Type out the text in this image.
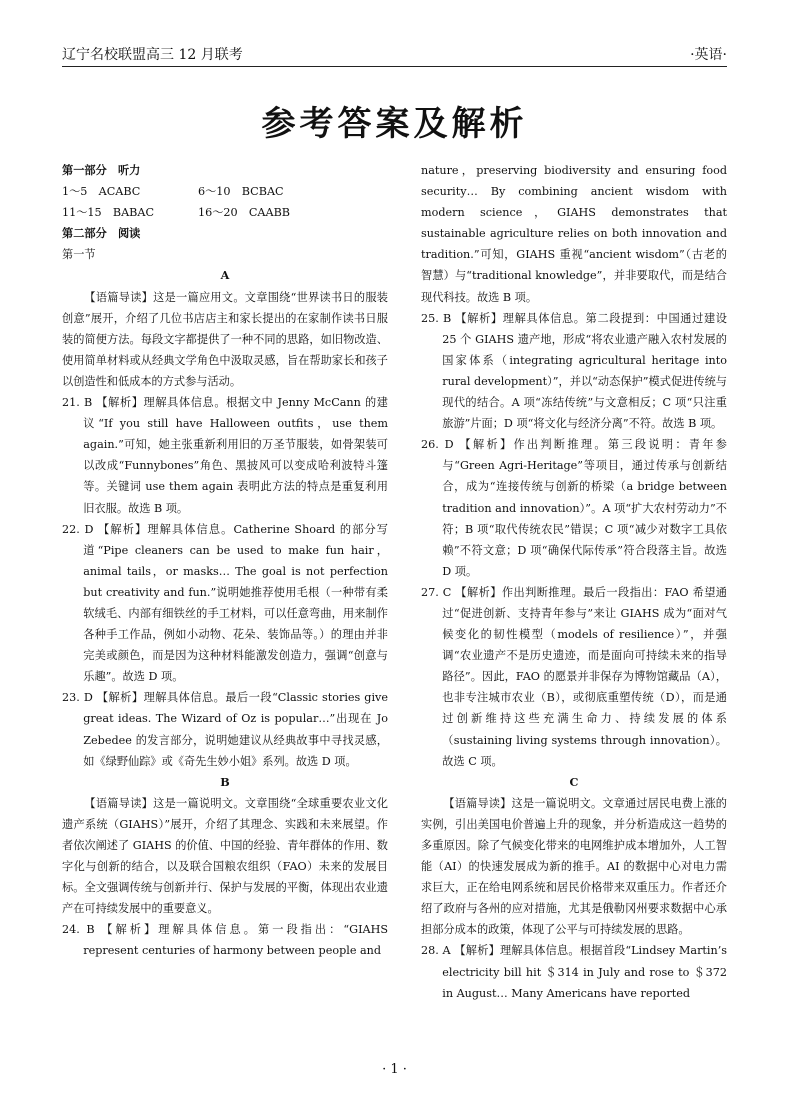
辽宁名校联盟高三 12 月联考	·英语·
参考答案及解析

第一部分　听力

1～5　ACABC	6～10　BCBAC
11～15　BABAC	16～20　CAABB

第二部分　阅读

第一节

A

【语篇导读】这是一篇应用文。文章围绕“世界读书日的服装创意”展开，介绍了几位书店店主和家长提出的在家制作读书日服装的简便方法。每段文字都提供了一种不同的思路，如旧物改造、使用简单材料或从经典文学角色中汲取灵感，旨在帮助家长和孩子以创造性和低成本的方式参与活动。

21. B 【解析】理解具体信息。根据文中 Jenny McCann 的建议“If you still have Halloween outfits，use them again.”可知，她主张重新利用旧的万圣节服装，如骨架装可以改成“Funnybones”角色、黑披风可以变成哈利波特斗篷等。关键词 use them again 表明此方法的特点是重复利用旧衣服。故选 B 项。

22. D 【解析】理解具体信息。Catherine Shoard 的部分写道“Pipe cleaners can be used to make fun hair，animal tails，or masks… The goal is not perfection but creativity and fun.”说明她推荐使用毛根（一种带有柔软绒毛、内部有细铁丝的手工材料，可以任意弯曲，用来制作各种手工作品，例如小动物、花朵、装饰品等。）的理由并非完美或颜色，而是因为这种材料能激发创造力，强调“创意与乐趣”。故选 D 项。

23. D 【解析】理解具体信息。最后一段“Classic stories give great ideas. The Wizard of Oz is popular…”出现在 Jo Zebedee 的发言部分，说明她建议从经典故事中寻找灵感，如《绿野仙踪》或《奇先生妙小姐》系列。故选 D 项。

B

【语篇导读】这是一篇说明文。文章围绕“全球重要农业文化遗产系统（GIAHS）”展开，介绍了其理念、实践和未来展望。作者依次阐述了 GIAHS 的价值、中国的经验、青年群体的作用、数字化与创新的结合，以及联合国粮农组织（FAO）未来的发展目标。全文强调传统与创新并行、保护与发展的平衡，体现出农业遗产在可持续发展中的重要意义。

24. B 【解析】理解具体信息。第一段指出：“GIAHS represent centuries of harmony between people and

nature，preserving biodiversity and ensuring food security… By combining ancient wisdom with modern science，GIAHS demonstrates that sustainable agriculture relies on both innovation and tradition.”可知，GIAHS 重视“ancient wisdom”（古老的智慧）与“traditional knowledge”，并非要取代，而是结合现代科技。故选 B 项。

25. B 【解析】理解具体信息。第二段提到：中国通过建设 25 个 GIAHS 遗产地，形成“将农业遗产融入农村发展的国家体系（integrating agricultural heritage into rural development）”，并以“动态保护”模式促进传统与现代的结合。A 项“冻结传统”与文意相反；C 项“只注重旅游”片面；D 项“将文化与经济分离”不符。故选 B 项。

26. D 【解析】作出判断推理。第三段说明：青年参与“Green Agri-Heritage”等项目，通过传承与创新结合，成为“连接传统与创新的桥梁（a bridge between tradition and innovation）”。A 项“扩大农村劳动力”不符；B 项“取代传统农民”错误；C 项“减少对数字工具依赖”不符文意；D 项“确保代际传承”符合段落主旨。故选 D 项。

27. C 【解析】作出判断推理。最后一段指出：FAO 希望通过“促进创新、支持青年参与”来让 GIAHS 成为“面对气候变化的韧性模型（models of resilience）”，并强调“农业遗产不是历史遗迹，而是面向可持续未来的指导路径”。因此，FAO 的愿景并非保存为博物馆藏品（A），也非专注城市农业（B），或彻底重塑传统（D），而是通过创新维持这些充满生命力、持续发展的体系（sustaining living systems through innovation）。故选 C 项。

C

【语篇导读】这是一篇说明文。文章通过居民电费上涨的实例，引出美国电价普遍上升的现象，并分析造成这一趋势的多重原因。除了气候变化带来的电网维护成本增加外，人工智能（AI）的快速发展成为新的推手。AI 的数据中心对电力需求巨大，正在给电网系统和居民价格带来双重压力。作者还介绍了政府与各州的应对措施，尤其是俄勒冈州要求数据中心承担部分成本的政策，体现了公平与可持续发展的思路。

28. A 【解析】理解具体信息。根据首段“Lindsey Martin’s electricity bill hit ＄314 in July and rose to ＄372 in August… Many Americans have reported

· 1 ·
